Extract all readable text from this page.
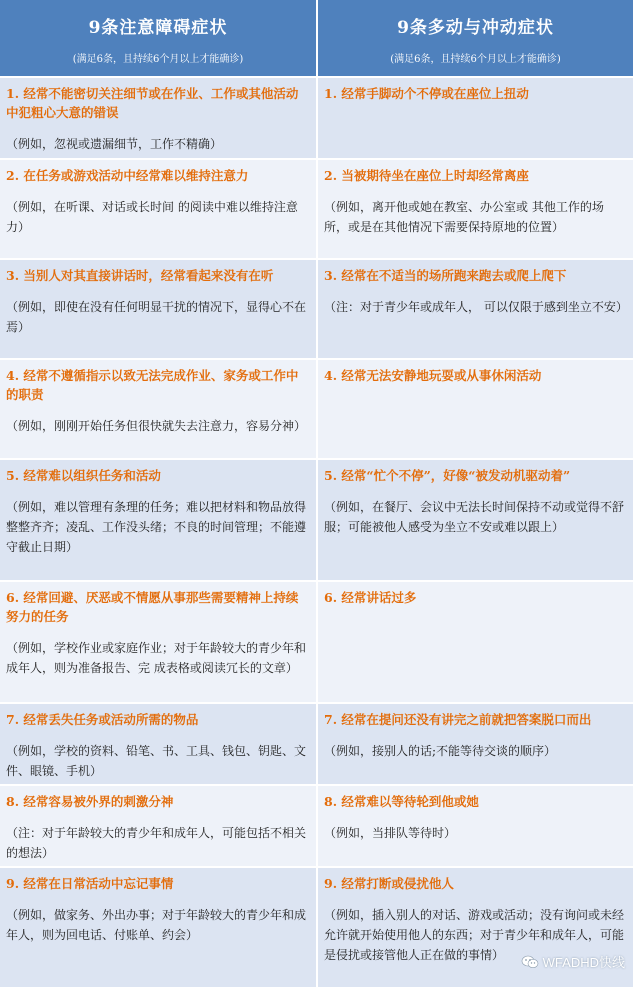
9条注意障碍症状
(满足6条，且持续6个月以上才能确诊)
9条多动与冲动症状
(满足6条，且持续6个月以上才能确诊)
1. 经常不能密切关注细节或在作业、工作或其他活动中犯粗心大意的错误
（例如，忽视或遗漏细节，工作不精确）
1. 经常手脚动个不停或在座位上扭动
2. 在任务或游戏活动中经常难以维持注意力
（例如，在听课、对话或长时间 的阅读中难以维持注意力）
2. 当被期待坐在座位上时却经常离座
（例如，离开他或她在教室、办公室或 其他工作的场所，或是在其他情况下需要保持原地的位置）
3. 当别人对其直接讲话时，经常看起来没有在听
（例如，即使在没有任何明显干扰的情况下，显得心不在焉）
3. 经常在不适当的场所跑来跑去或爬上爬下
（注：对于青少年或成年人， 可以仅限于感到坐立不安）
4. 经常不遵循指示以致无法完成作业、家务或工作中的职责
（例如，刚刚开始任务但很快就失去注意力，容易分神）
4. 经常无法安静地玩耍或从事休闲活动
5. 经常难以组织任务和活动
（例如，难以管理有条理的任务；难以把材料和物品放得整整齐齐；凌乱、工作没头绪；不良的时间管理；不能遵守截止日期）
5. 经常“忙个不停”，好像“被发动机驱动着”
（例如，在餐厅、会议中无法长时间保持不动或觉得不舒服；可能被他人感受为坐立不安或难以跟上）
6. 经常回避、厌恶或不情愿从事那些需要精神上持续努力的任务
（例如，学校作业或家庭作业；对于年龄较大的青少年和成年人，则为准备报告、完 成表格或阅读冗长的文章）
6. 经常讲话过多
7. 经常丢失任务或活动所需的物品
（例如，学校的资料、铅笔、书、工具、钱包、钥匙、文件、眼镜、手机）
7. 经常在提问还没有讲完之前就把答案脱口而出
（例如，接别人的话;不能等待交谈的顺序）
8. 经常容易被外界的刺激分神
（注：对于年龄较大的青少年和成年人，可能包括不相关的想法）
8. 经常难以等待轮到他或她
（例如，当排队等待时）
9. 经常在日常活动中忘记事情
（例如，做家务、外出办事；对于年龄较大的青少年和成年人，则为回电话、付账单、约会）
9. 经常打断或侵扰他人
（例如，插入别人的对话、游戏或活动；没有询问或未经允许就开始使用他人的东西；对于青少年和成年人，可能是侵扰或接管他人正在做的事情）	WFADHD快线
